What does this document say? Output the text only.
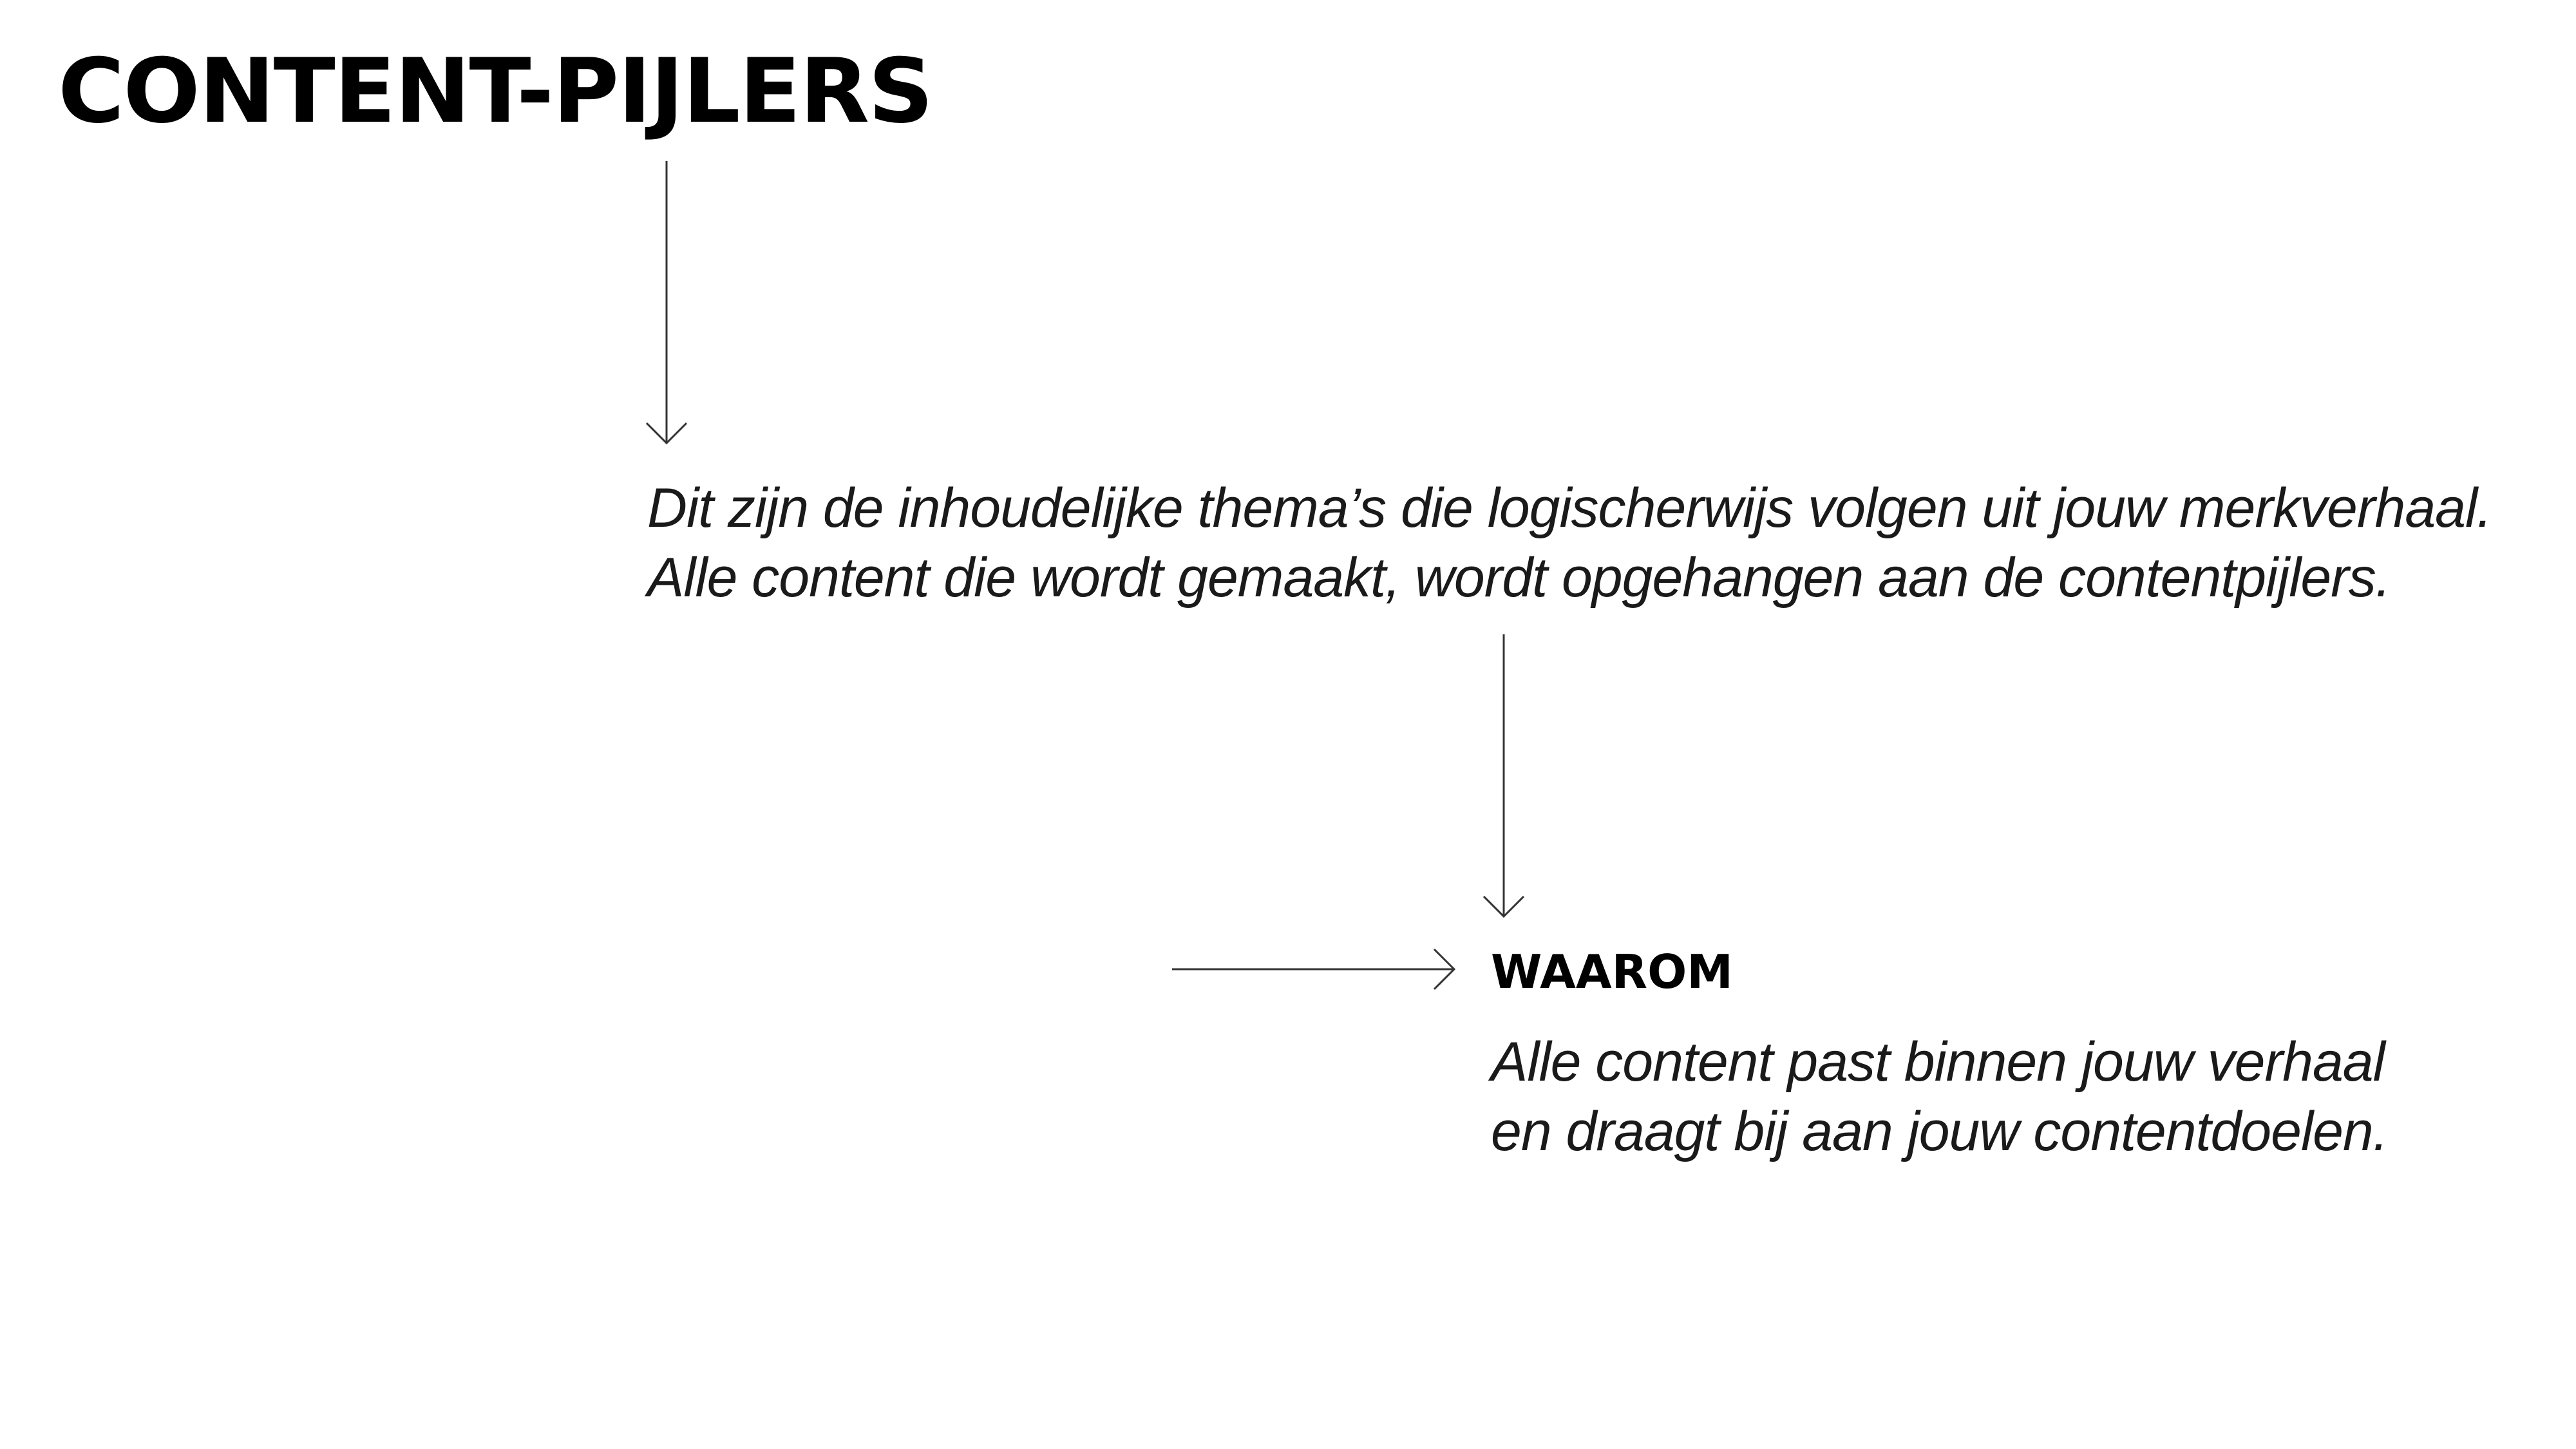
CONTENT-PIJLERS

Dit zijn de inhoudelijke thema’s die logischerwijs volgen uit jouw merkverhaal.
Alle content die wordt gemaakt, wordt opgehangen aan de contentpijlers.

WAAROM

Alle content past binnen jouw verhaal
en draagt bij aan jouw contentdoelen.
